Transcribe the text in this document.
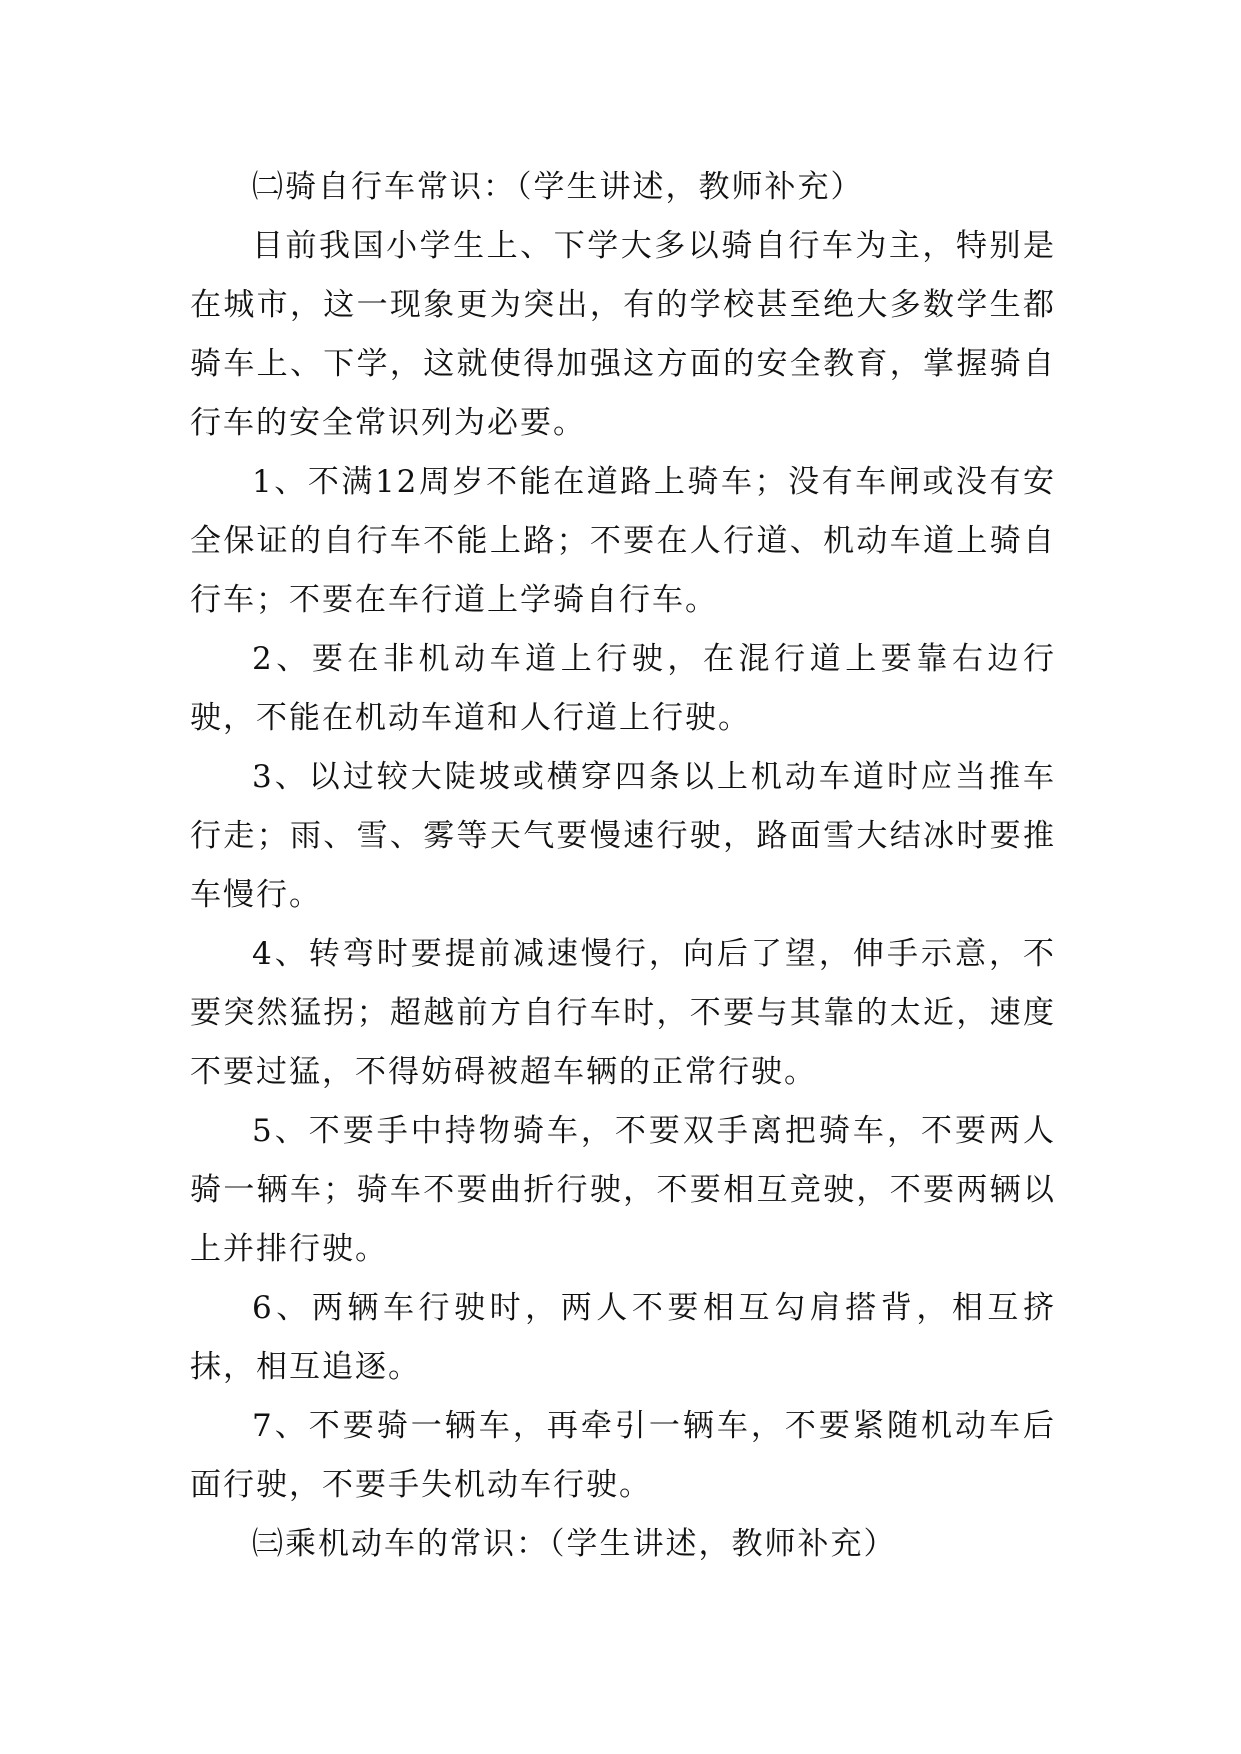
㈡骑自行车常识：（学生讲述，教师补充）

目前我国小学生上、下学大多以骑自行车为主，特别是在城市，这一现象更为突出，有的学校甚至绝大多数学生都骑车上、下学，这就使得加强这方面的安全教育，掌握骑自行车的安全常识列为必要。

1、不满12周岁不能在道路上骑车；没有车闸或没有安全保证的自行车不能上路；不要在人行道、机动车道上骑自行车；不要在车行道上学骑自行车。

2、要在非机动车道上行驶，在混行道上要靠右边行驶，不能在机动车道和人行道上行驶。

3、以过较大陡坡或横穿四条以上机动车道时应当推车行走；雨、雪、雾等天气要慢速行驶，路面雪大结冰时要推车慢行。

4、转弯时要提前减速慢行，向后了望，伸手示意，不要突然猛拐；超越前方自行车时，不要与其靠的太近，速度不要过猛，不得妨碍被超车辆的正常行驶。

5、不要手中持物骑车，不要双手离把骑车，不要两人骑一辆车；骑车不要曲折行驶，不要相互竞驶，不要两辆以上并排行驶。

6、两辆车行驶时，两人不要相互勾肩搭背，相互挤抹，相互追逐。

7、不要骑一辆车，再牵引一辆车，不要紧随机动车后面行驶，不要手失机动车行驶。

㈢乘机动车的常识：（学生讲述，教师补充）
